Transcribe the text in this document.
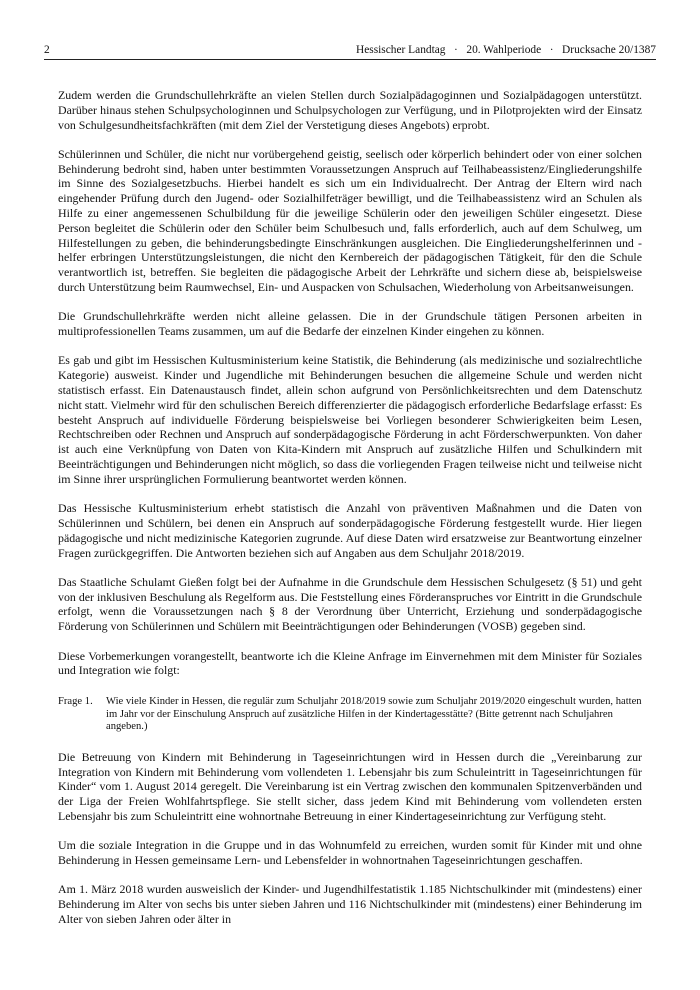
2	Hessischer Landtag   ·   20. Wahlperiode   ·   Drucksache 20/1387

Zudem werden die Grundschullehrkräfte an vielen Stellen durch Sozialpädagoginnen und Sozialpädagogen unterstützt. Darüber hinaus stehen Schulpsychologinnen und Schulpsychologen zur Verfügung, und in Pilotprojekten wird der Einsatz von Schulgesundheitsfachkräften (mit dem Ziel der Verstetigung dieses Angebots) erprobt.

Schülerinnen und Schüler, die nicht nur vorübergehend geistig, seelisch oder körperlich behindert oder von einer solchen Behinderung bedroht sind, haben unter bestimmten Voraussetzungen Anspruch auf Teilhabeassistenz/Eingliederungshilfe im Sinne des Sozialgesetzbuchs. Hierbei handelt es sich um ein Individualrecht. Der Antrag der Eltern wird nach eingehender Prüfung durch den Jugend- oder Sozialhilfeträger bewilligt, und die Teilhabeassistenz wird an Schulen als Hilfe zu einer angemessenen Schulbildung für die jeweilige Schülerin oder den jeweiligen Schüler eingesetzt. Diese Person begleitet die Schülerin oder den Schüler beim Schulbesuch und, falls erforderlich, auch auf dem Schulweg, um Hilfestellungen zu geben, die behinderungsbedingte Einschränkungen ausgleichen. Die Eingliederungshelferinnen und -helfer erbringen Unterstützungsleistungen, die nicht den Kernbereich der pädagogischen Tätigkeit, für den die Schule verantwortlich ist, betreffen. Sie begleiten die pädagogische Arbeit der Lehrkräfte und sichern diese ab, beispielsweise durch Unterstützung beim Raumwechsel, Ein- und Auspacken von Schulsachen, Wiederholung von Arbeitsanweisungen.

Die Grundschullehrkräfte werden nicht alleine gelassen. Die in der Grundschule tätigen Personen arbeiten in multiprofessionellen Teams zusammen, um auf die Bedarfe der einzelnen Kinder eingehen zu können.

Es gab und gibt im Hessischen Kultusministerium keine Statistik, die Behinderung (als medizinische und sozialrechtliche Kategorie) ausweist. Kinder und Jugendliche mit Behinderungen besuchen die allgemeine Schule und werden nicht statistisch erfasst. Ein Datenaustausch findet, allein schon aufgrund von Persönlichkeitsrechten und dem Datenschutz nicht statt. Vielmehr wird für den schulischen Bereich differenzierter die pädagogisch erforderliche Bedarfslage erfasst: Es besteht Anspruch auf individuelle Förderung beispielsweise bei Vorliegen besonderer Schwierigkeiten beim Lesen, Rechtschreiben oder Rechnen und Anspruch auf sonderpädagogische Förderung in acht Förderschwerpunkten. Von daher ist auch eine Verknüpfung von Daten von Kita-Kindern mit Anspruch auf zusätzliche Hilfen und Schulkindern mit Beeinträchtigungen und Behinderungen nicht möglich, so dass die vorliegenden Fragen teilweise nicht und teilweise nicht im Sinne ihrer ursprünglichen Formulierung beantwortet werden können.

Das Hessische Kultusministerium erhebt statistisch die Anzahl von präventiven Maßnahmen und die Daten von Schülerinnen und Schülern, bei denen ein Anspruch auf sonderpädagogische Förderung festgestellt wurde. Hier liegen pädagogische und nicht medizinische Kategorien zugrunde. Auf diese Daten wird ersatzweise zur Beantwortung einzelner Fragen zurückgegriffen. Die Antworten beziehen sich auf Angaben aus dem Schuljahr 2018/2019.

Das Staatliche Schulamt Gießen folgt bei der Aufnahme in die Grundschule dem Hessischen Schulgesetz (§ 51) und geht von der inklusiven Beschulung als Regelform aus. Die Feststellung eines Förderanspruches vor Eintritt in die Grundschule erfolgt, wenn die Voraussetzungen nach § 8 der Verordnung über Unterricht, Erziehung und sonderpädagogische Förderung von Schülerinnen und Schülern mit Beeinträchtigungen oder Behinderungen (VOSB) gegeben sind.

Diese Vorbemerkungen vorangestellt, beantworte ich die Kleine Anfrage im Einvernehmen mit dem Minister für Soziales und Integration wie folgt:

Frage 1.	Wie viele Kinder in Hessen, die regulär zum Schuljahr 2018/2019 sowie zum Schuljahr 2019/2020 eingeschult wurden, hatten im Jahr vor der Einschulung Anspruch auf zusätzliche Hilfen in der Kindertagesstätte? (Bitte getrennt nach Schuljahren angeben.)

Die Betreuung von Kindern mit Behinderung in Tageseinrichtungen wird in Hessen durch die „Vereinbarung zur Integration von Kindern mit Behinderung vom vollendeten 1. Lebensjahr bis zum Schuleintritt in Tageseinrichtungen für Kinder“ vom 1. August 2014 geregelt. Die Vereinbarung ist ein Vertrag zwischen den kommunalen Spitzenverbänden und der Liga der Freien Wohlfahrtspflege. Sie stellt sicher, dass jedem Kind mit Behinderung vom vollendeten ersten Lebensjahr bis zum Schuleintritt eine wohnortnahe Betreuung in einer Kindertageseinrichtung zur Verfügung steht.

Um die soziale Integration in die Gruppe und in das Wohnumfeld zu erreichen, wurden somit für Kinder mit und ohne Behinderung in Hessen gemeinsame Lern- und Lebensfelder in wohnortnahen Tageseinrichtungen geschaffen.

Am 1. März 2018 wurden ausweislich der Kinder- und Jugendhilfestatistik 1.185 Nichtschulkinder mit (mindestens) einer Behinderung im Alter von sechs bis unter sieben Jahren und 116 Nichtschulkinder mit (mindestens) einer Behinderung im Alter von sieben Jahren oder älter in
